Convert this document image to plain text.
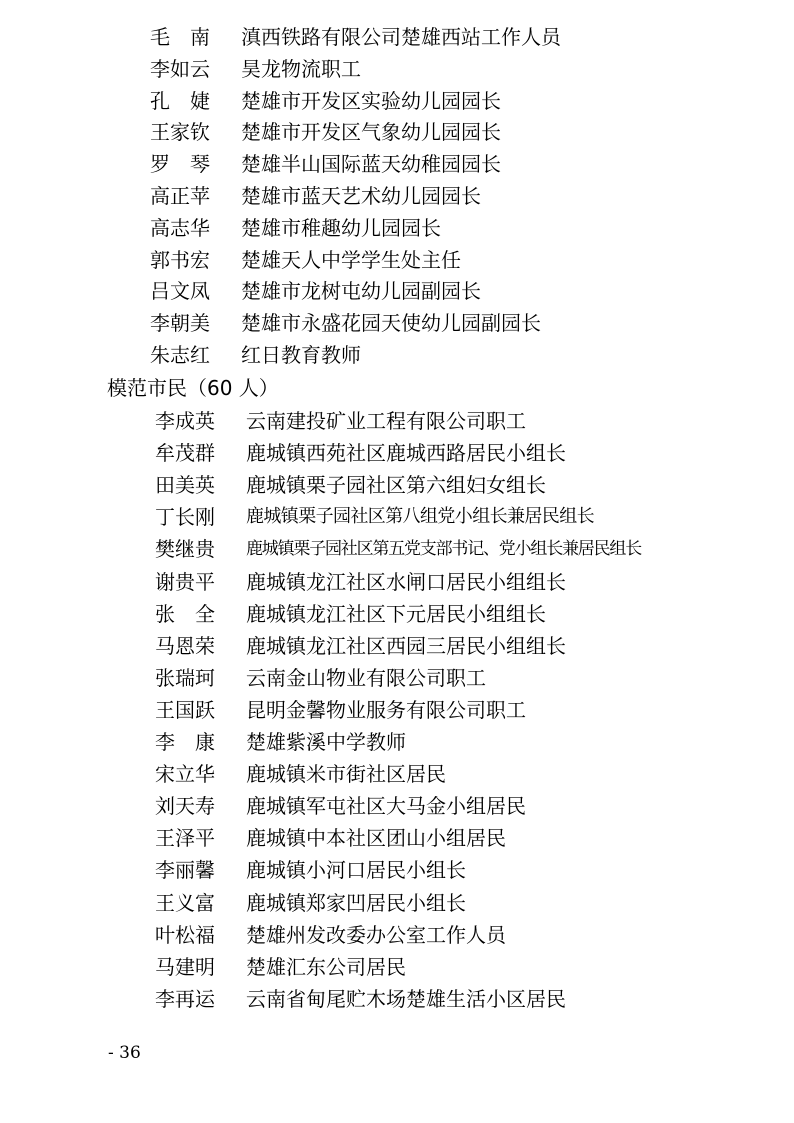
毛　南 滇西铁路有限公司楚雄西站工作人员
李如云 昊龙物流职工
孔　婕 楚雄市开发区实验幼儿园园长
王家钦 楚雄市开发区气象幼儿园园长
罗　琴 楚雄半山国际蓝天幼稚园园长
高正苹 楚雄市蓝天艺术幼儿园园长
高志华 楚雄市稚趣幼儿园园长
郭书宏 楚雄天人中学学生处主任
吕文凤 楚雄市龙树屯幼儿园副园长
李朝美 楚雄市永盛花园天使幼儿园副园长
朱志红 红日教育教师
模范市民（60 人）
李成英 云南建投矿业工程有限公司职工
牟茂群 鹿城镇西苑社区鹿城西路居民小组长
田美英 鹿城镇栗子园社区第六组妇女组长
丁长刚 鹿城镇栗子园社区第八组党小组长兼居民组长
樊继贵 鹿城镇栗子园社区第五党支部书记、党小组长兼居民组长
谢贵平 鹿城镇龙江社区水闸口居民小组组长
张　全 鹿城镇龙江社区下元居民小组组长
马恩荣 鹿城镇龙江社区西园三居民小组组长
张瑞珂 云南金山物业有限公司职工
王国跃 昆明金馨物业服务有限公司职工
李　康 楚雄紫溪中学教师
宋立华 鹿城镇米市街社区居民
刘天寿 鹿城镇军屯社区大马金小组居民
王泽平 鹿城镇中本社区团山小组居民
李丽馨 鹿城镇小河口居民小组长
王义富 鹿城镇郑家凹居民小组长
叶松福 楚雄州发改委办公室工作人员
马建明 楚雄汇东公司居民
李再运 云南省甸尾贮木场楚雄生活小区居民
- 36
